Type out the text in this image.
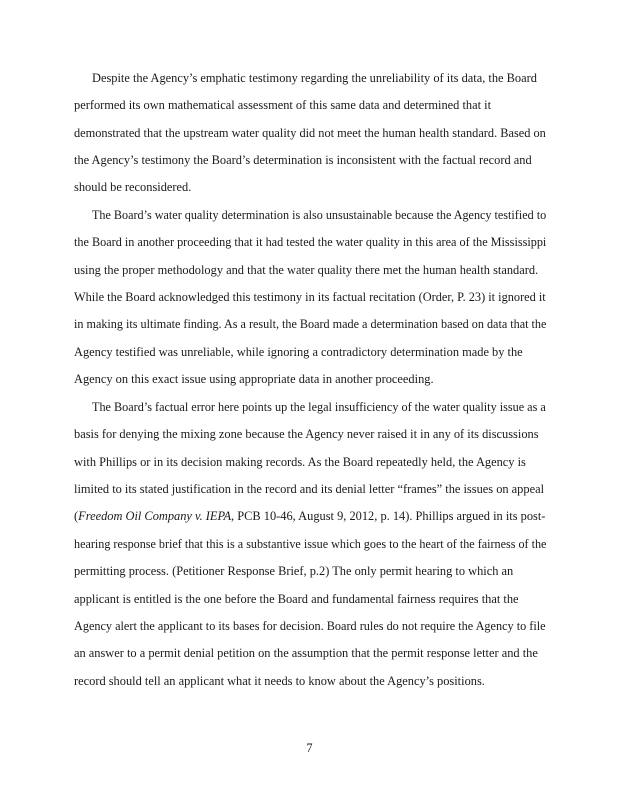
Despite the Agency’s emphatic testimony regarding the unreliability of its data, the Board
performed its own mathematical assessment of this same data and determined that it
demonstrated that the upstream water quality did not meet the human health standard. Based on
the Agency’s testimony the Board’s determination is inconsistent with the factual record and
should be reconsidered.
The Board’s water quality determination is also unsustainable because the Agency testified to
the Board in another proceeding that it had tested the water quality in this area of the Mississippi
using the proper methodology and that the water quality there met the human health standard.
While the Board acknowledged this testimony in its factual recitation (Order, P. 23) it ignored it
in making its ultimate finding. As a result, the Board made a determination based on data that the
Agency testified was unreliable, while ignoring a contradictory determination made by the
Agency on this exact issue using appropriate data in another proceeding.
The Board’s factual error here points up the legal insufficiency of the water quality issue as a
basis for denying the mixing zone because the Agency never raised it in any of its discussions
with Phillips or in its decision making records. As the Board repeatedly held, the Agency is
limited to its stated justification in the record and its denial letter “frames” the issues on appeal
(Freedom Oil Company v. IEPA, PCB 10-46, August 9, 2012, p. 14). Phillips argued in its post-
hearing response brief that this is a substantive issue which goes to the heart of the fairness of the
permitting process. (Petitioner Response Brief, p.2) The only permit hearing to which an
applicant is entitled is the one before the Board and fundamental fairness requires that the
Agency alert the applicant to its bases for decision. Board rules do not require the Agency to file
an answer to a permit denial petition on the assumption that the permit response letter and the
record should tell an applicant what it needs to know about the Agency’s positions.
7
